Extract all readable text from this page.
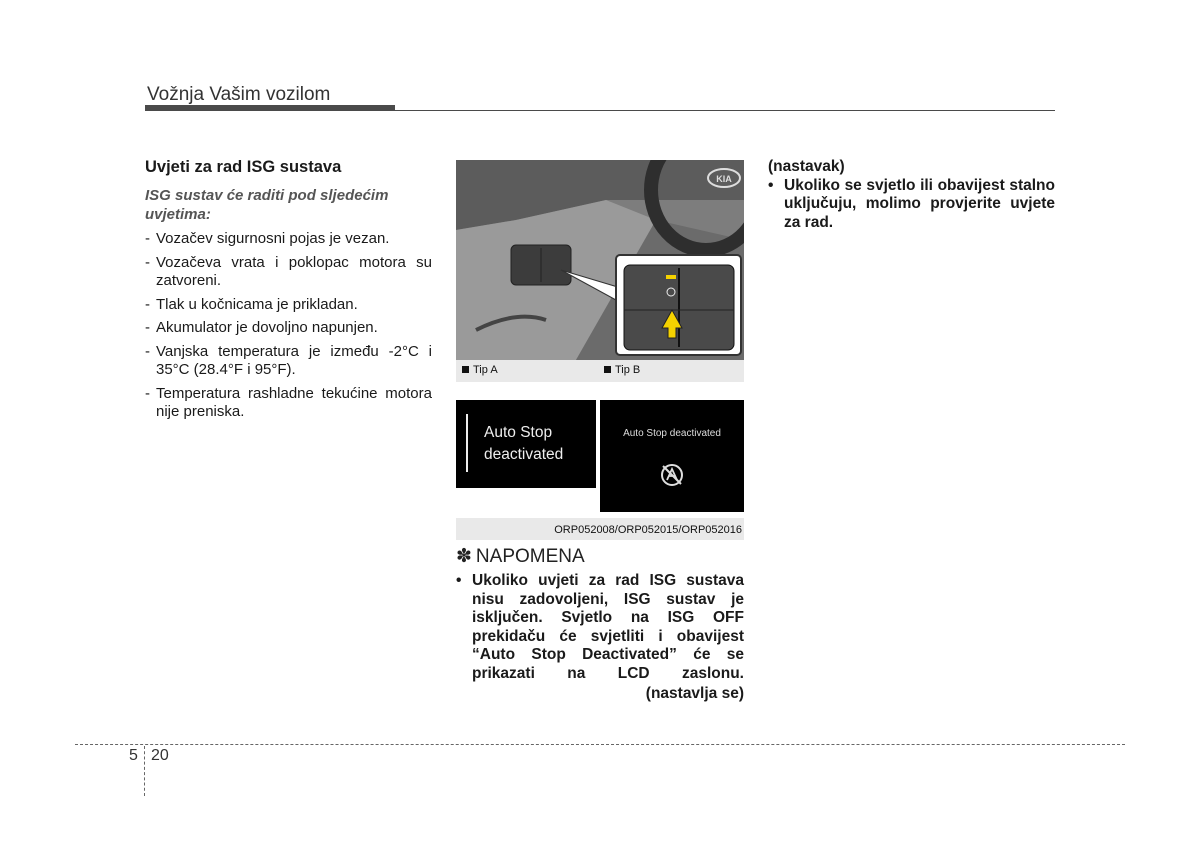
Vožnja Vašim vozilom
Uvjeti za rad ISG sustava
ISG sustav će raditi pod sljedećim uvjetima:
- Vozačev sigurnosni pojas je vezan.
- Vozačeva vrata i poklopac motora su zatvoreni.
- Tlak u kočnicama je prikladan.
- Akumulator je dovoljno napunjen.
- Vanjska temperatura je između -2°C i 35°C (28.4°F i 95°F).
- Temperatura rashladne tekućine motora nije preniska.
KIA
Tip A	Tip B
Auto Stop
deactivated
Auto Stop deactivated
ORP052008/ORP052015/ORP052016
✽ NAPOMENA
• Ukoliko uvjeti za rad ISG sustava nisu zadovoljeni, ISG sustav je isključen. Svjetlo na ISG OFF prekidaču će svjetliti i obavijest “Auto Stop Deactivated” će se prikazati na LCD zaslonu.
(nastavlja se)
(nastavak)
• Ukoliko se svjetlo ili obavijest stalno uključuju, molimo provjerite uvjete za rad.
5 20
